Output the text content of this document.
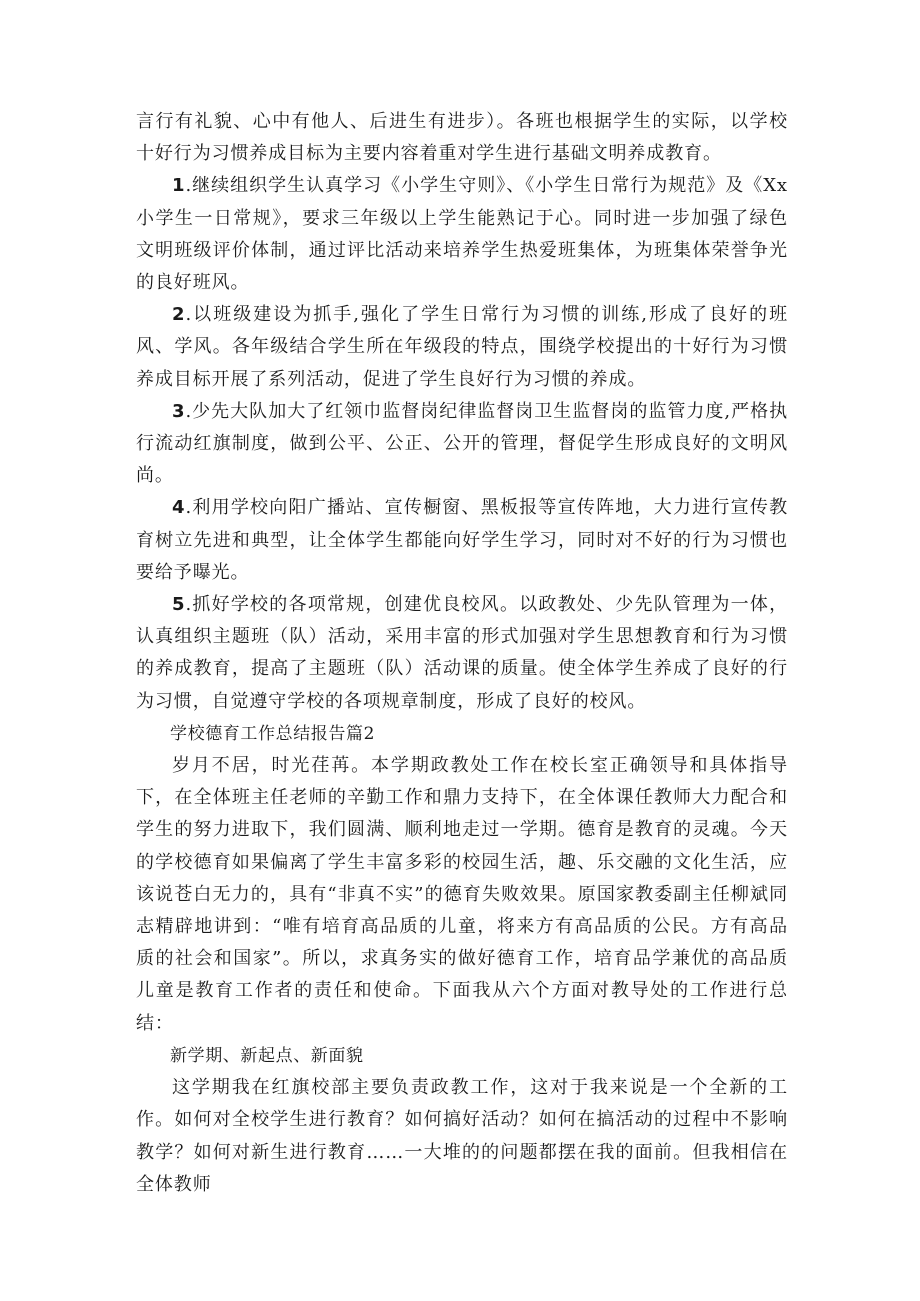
言行有礼貌、心中有他人、后进生有进步）。各班也根据学生的实际，以学校十好行为习惯养成目标为主要内容着重对学生进行基础文明养成教育。

1.继续组织学生认真学习《小学生守则》、《小学生日常行为规范》及《Xx小学生一日常规》，要求三年级以上学生能熟记于心。同时进一步加强了绿色文明班级评价体制，通过评比活动来培养学生热爱班集体，为班集体荣誉争光的良好班风。

2.以班级建设为抓手,强化了学生日常行为习惯的训练,形成了良好的班风、学风。各年级结合学生所在年级段的特点，围绕学校提出的十好行为习惯养成目标开展了系列活动，促进了学生良好行为习惯的养成。

3.少先大队加大了红领巾监督岗纪律监督岗卫生监督岗的监管力度,严格执行流动红旗制度，做到公平、公正、公开的管理，督促学生形成良好的文明风尚。

4.利用学校向阳广播站、宣传橱窗、黑板报等宣传阵地，大力进行宣传教育树立先进和典型，让全体学生都能向好学生学习，同时对不好的行为习惯也要给予曝光。

5.抓好学校的各项常规，创建优良校风。以政教处、少先队管理为一体，认真组织主题班（队）活动，采用丰富的形式加强对学生思想教育和行为习惯的养成教育，提高了主题班（队）活动课的质量。使全体学生养成了良好的行为习惯，自觉遵守学校的各项规章制度，形成了良好的校风。

学校德育工作总结报告篇2

岁月不居，时光荏苒。本学期政教处工作在校长室正确领导和具体指导下，在全体班主任老师的辛勤工作和鼎力支持下，在全体课任教师大力配合和学生的努力进取下，我们圆满、顺利地走过一学期。德育是教育的灵魂。今天的学校德育如果偏离了学生丰富多彩的校园生活，趣、乐交融的文化生活，应该说苍白无力的，具有“非真不实”的德育失败效果。原国家教委副主任柳斌同志精辟地讲到：“唯有培育高品质的儿童，将来方有高品质的公民。方有高品质的社会和国家”。所以，求真务实的做好德育工作，培育品学兼优的高品质儿童是教育工作者的责任和使命。下面我从六个方面对教导处的工作进行总结：

新学期、新起点、新面貌

这学期我在红旗校部主要负责政教工作，这对于我来说是一个全新的工作。如何对全校学生进行教育？如何搞好活动？如何在搞活动的过程中不影响教学？如何对新生进行教育……一大堆的的问题都摆在我的面前。但我相信在全体教师
